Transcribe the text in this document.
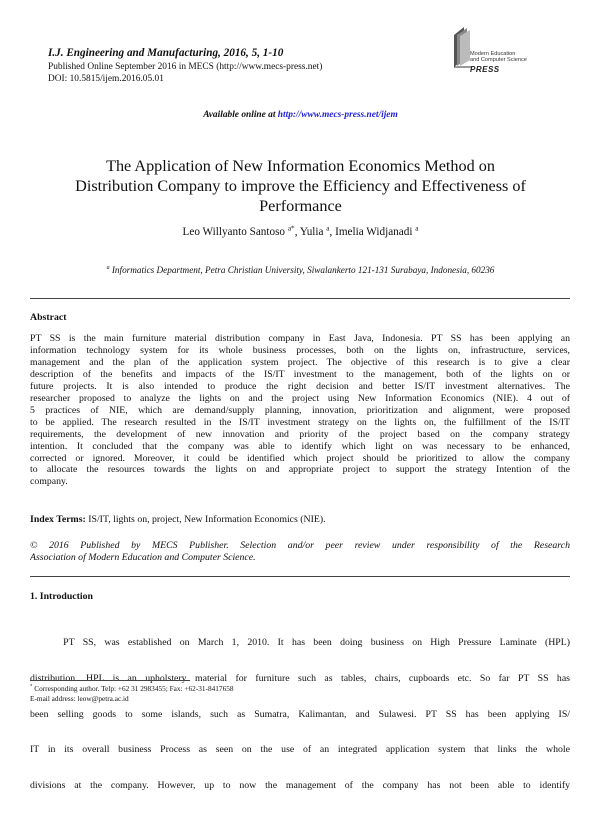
I.J. Engineering and Manufacturing, 2016, 5, 1-10
Published Online September 2016 in MECS (http://www.mecs-press.net)
DOI: 10.5815/ijem.2016.05.01
Modern Education
and Computer Science
PRESS
Available online at http://www.mecs-press.net/ijem
The Application of New Information Economics Method on
Distribution Company to improve the Efficiency and Effectiveness of
Performance
Leo Willyanto Santoso $^{a*}$, Yulia $^a$, Imelia Widjanadi $^a$
$^a$ Informatics Department, Petra Christian University, Siwalankerto 121-131 Surabaya, Indonesia, 60236
Abstract
PT SS is the main furniture material distribution company in East Java, Indonesia. PT SS has been applying an
information technology system for its whole business processes, both on the lights on, infrastructure, services,
management and the plan of the application system project. The objective of this research is to give a clear
description of the benefits and impacts of the IS/IT investment to the management, both of the lights on or
future projects. It is also intended to produce the right decision and better IS/IT investment alternatives. The
researcher proposed to analyze the lights on and the project using New Information Economics (NIE). 4 out of
5 practices of NIE, which are demand/supply planning, innovation, prioritization and alignment, were proposed
to be applied. The research resulted in the IS/IT investment strategy on the lights on, the fulfillment of the IS/IT
requirements, the development of new innovation and priority of the project based on the company strategy
intention. It concluded that the company was able to identify which light on was necessary to be enhanced,
corrected or ignored. Moreover, it could be identified which project should be prioritized to allow the company
to allocate the resources towards the lights on and appropriate project to support the strategy Intention of the
company.
Index Terms: IS/IT, lights on, project, New Information Economics (NIE).
© 2016 Published by MECS Publisher. Selection and/or peer review under responsibility of the Research
Association of Modern Education and Computer Science.
1. Introduction

PT SS, was established on March 1, 2010. It has been doing business on High Pressure Laminate (HPL)

distribution. HPL is an upholstery material for furniture such as tables, chairs, cupboards etc. So far PT SS has

been selling goods to some islands, such as Sumatra, Kalimantan, and Sulawesi. PT SS has been applying IS/

IT in its overall business Process as seen on the use of an integrated application system that links the whole

divisions at the company. However, up to now the management of the company has not been able to identify

* Corresponding author. Telp: +62 31 2983455; Fax: +62-31-8417658
E-mail address: leow@petra.ac.id
